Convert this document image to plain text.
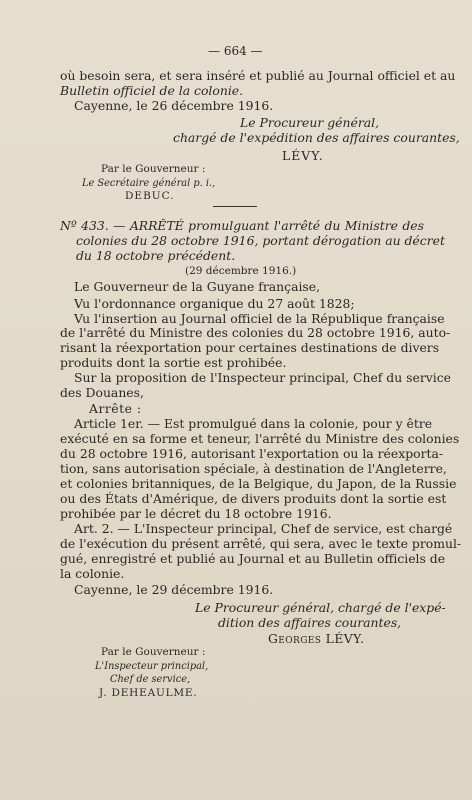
— 664 —
où besoin sera, et sera inséré et publié au Journal officiel et au
Bulletin officiel de la colonie.
Cayenne, le 26 décembre 1916.
Le Procureur général,
chargé de l'expédition des affaires courantes,
LÉVY.
Par le Gouverneur :
Le Secrétaire général p. i.,
DEBUC.
Nº 433. — ARRÊTÉ promulguant l'arrêté du Ministre des
colonies du 28 octobre 1916, portant dérogation au décret
du 18 octobre précédent.
(29 décembre 1916.)
Le Gouverneur de la Guyane française,
Vu l'ordonnance organique du 27 août 1828;
Vu l'insertion au Journal officiel de la République française
de l'arrêté du Ministre des colonies du 28 octobre 1916, auto-
risant la réexportation pour certaines destinations de divers
produits dont la sortie est prohibée.
Sur la proposition de l'Inspecteur principal, Chef du service
des Douanes,
Arrête :
Article 1er. — Est promulgué dans la colonie, pour y être
exécuté en sa forme et teneur, l'arrêté du Ministre des colonies
du 28 octobre 1916, autorisant l'exportation ou la réexporta-
tion, sans autorisation spéciale, à destination de l'Angleterre,
et colonies britanniques, de la Belgique, du Japon, de la Russie
ou des États d'Amérique, de divers produits dont la sortie est
prohibée par le décret du 18 octobre 1916.
Art. 2. — L'Inspecteur principal, Chef de service, est chargé
de l'exécution du présent arrêté, qui sera, avec le texte promul-
gué, enregistré et publié au Journal et au Bulletin officiels de
la colonie.
Cayenne, le 29 décembre 1916.
Le Procureur général, chargé de l'expé-
dition des affaires courantes,
Georges LÉVY.
Par le Gouverneur :
L'Inspecteur principal,
Chef de service,
J. DEHEAULME.
